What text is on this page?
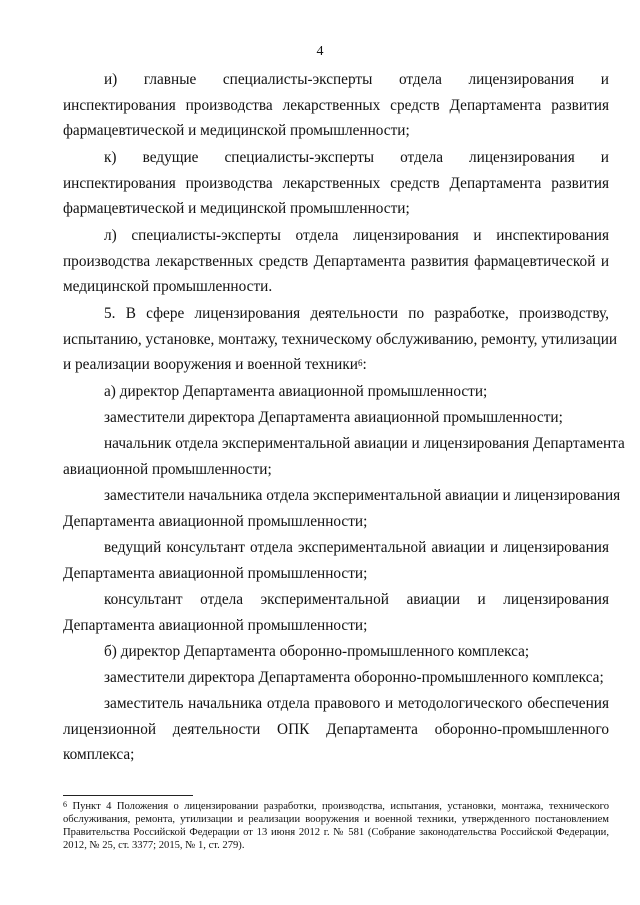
4
и) главные специалисты-эксперты отдела лицензирования и
инспектирования производства лекарственных средств Департамента развития
фармацевтической и медицинской промышленности;
к) ведущие специалисты-эксперты отдела лицензирования и
инспектирования производства лекарственных средств Департамента развития
фармацевтической и медицинской промышленности;
л) специалисты-эксперты отдела лицензирования и инспектирования
производства лекарственных средств Департамента развития фармацевтической и
медицинской промышленности.
5. В сфере лицензирования деятельности по разработке, производству,
испытанию, установке, монтажу, техническому обслуживанию, ремонту, утилизации
и реализации вооружения и военной техники$^6$:
а) директор Департамента авиационной промышленности;
заместители директора Департамента авиационной промышленности;
начальник отдела экспериментальной авиации и лицензирования Департамента
авиационной промышленности;
заместители начальника отдела экспериментальной авиации и лицензирования
Департамента авиационной промышленности;
ведущий консультант отдела экспериментальной авиации и лицензирования
Департамента авиационной промышленности;
консультант отдела экспериментальной авиации и лицензирования
Департамента авиационной промышленности;
б) директор Департамента оборонно-промышленного комплекса;
заместители директора Департамента оборонно-промышленного комплекса;
заместитель начальника отдела правового и методологического обеспечения
лицензионной деятельности ОПК Департамента оборонно-промышленного
комплекса;
$^6$ Пункт 4 Положения о лицензировании разработки, производства, испытания, установки, монтажа, технического
обслуживания, ремонта, утилизации и реализации вооружения и военной техники, утвержденного постановлением
Правительства Российской Федерации от 13 июня 2012 г. № 581 (Собрание законодательства Российской Федерации,
2012, № 25, ст. 3377; 2015, № 1, ст. 279).
